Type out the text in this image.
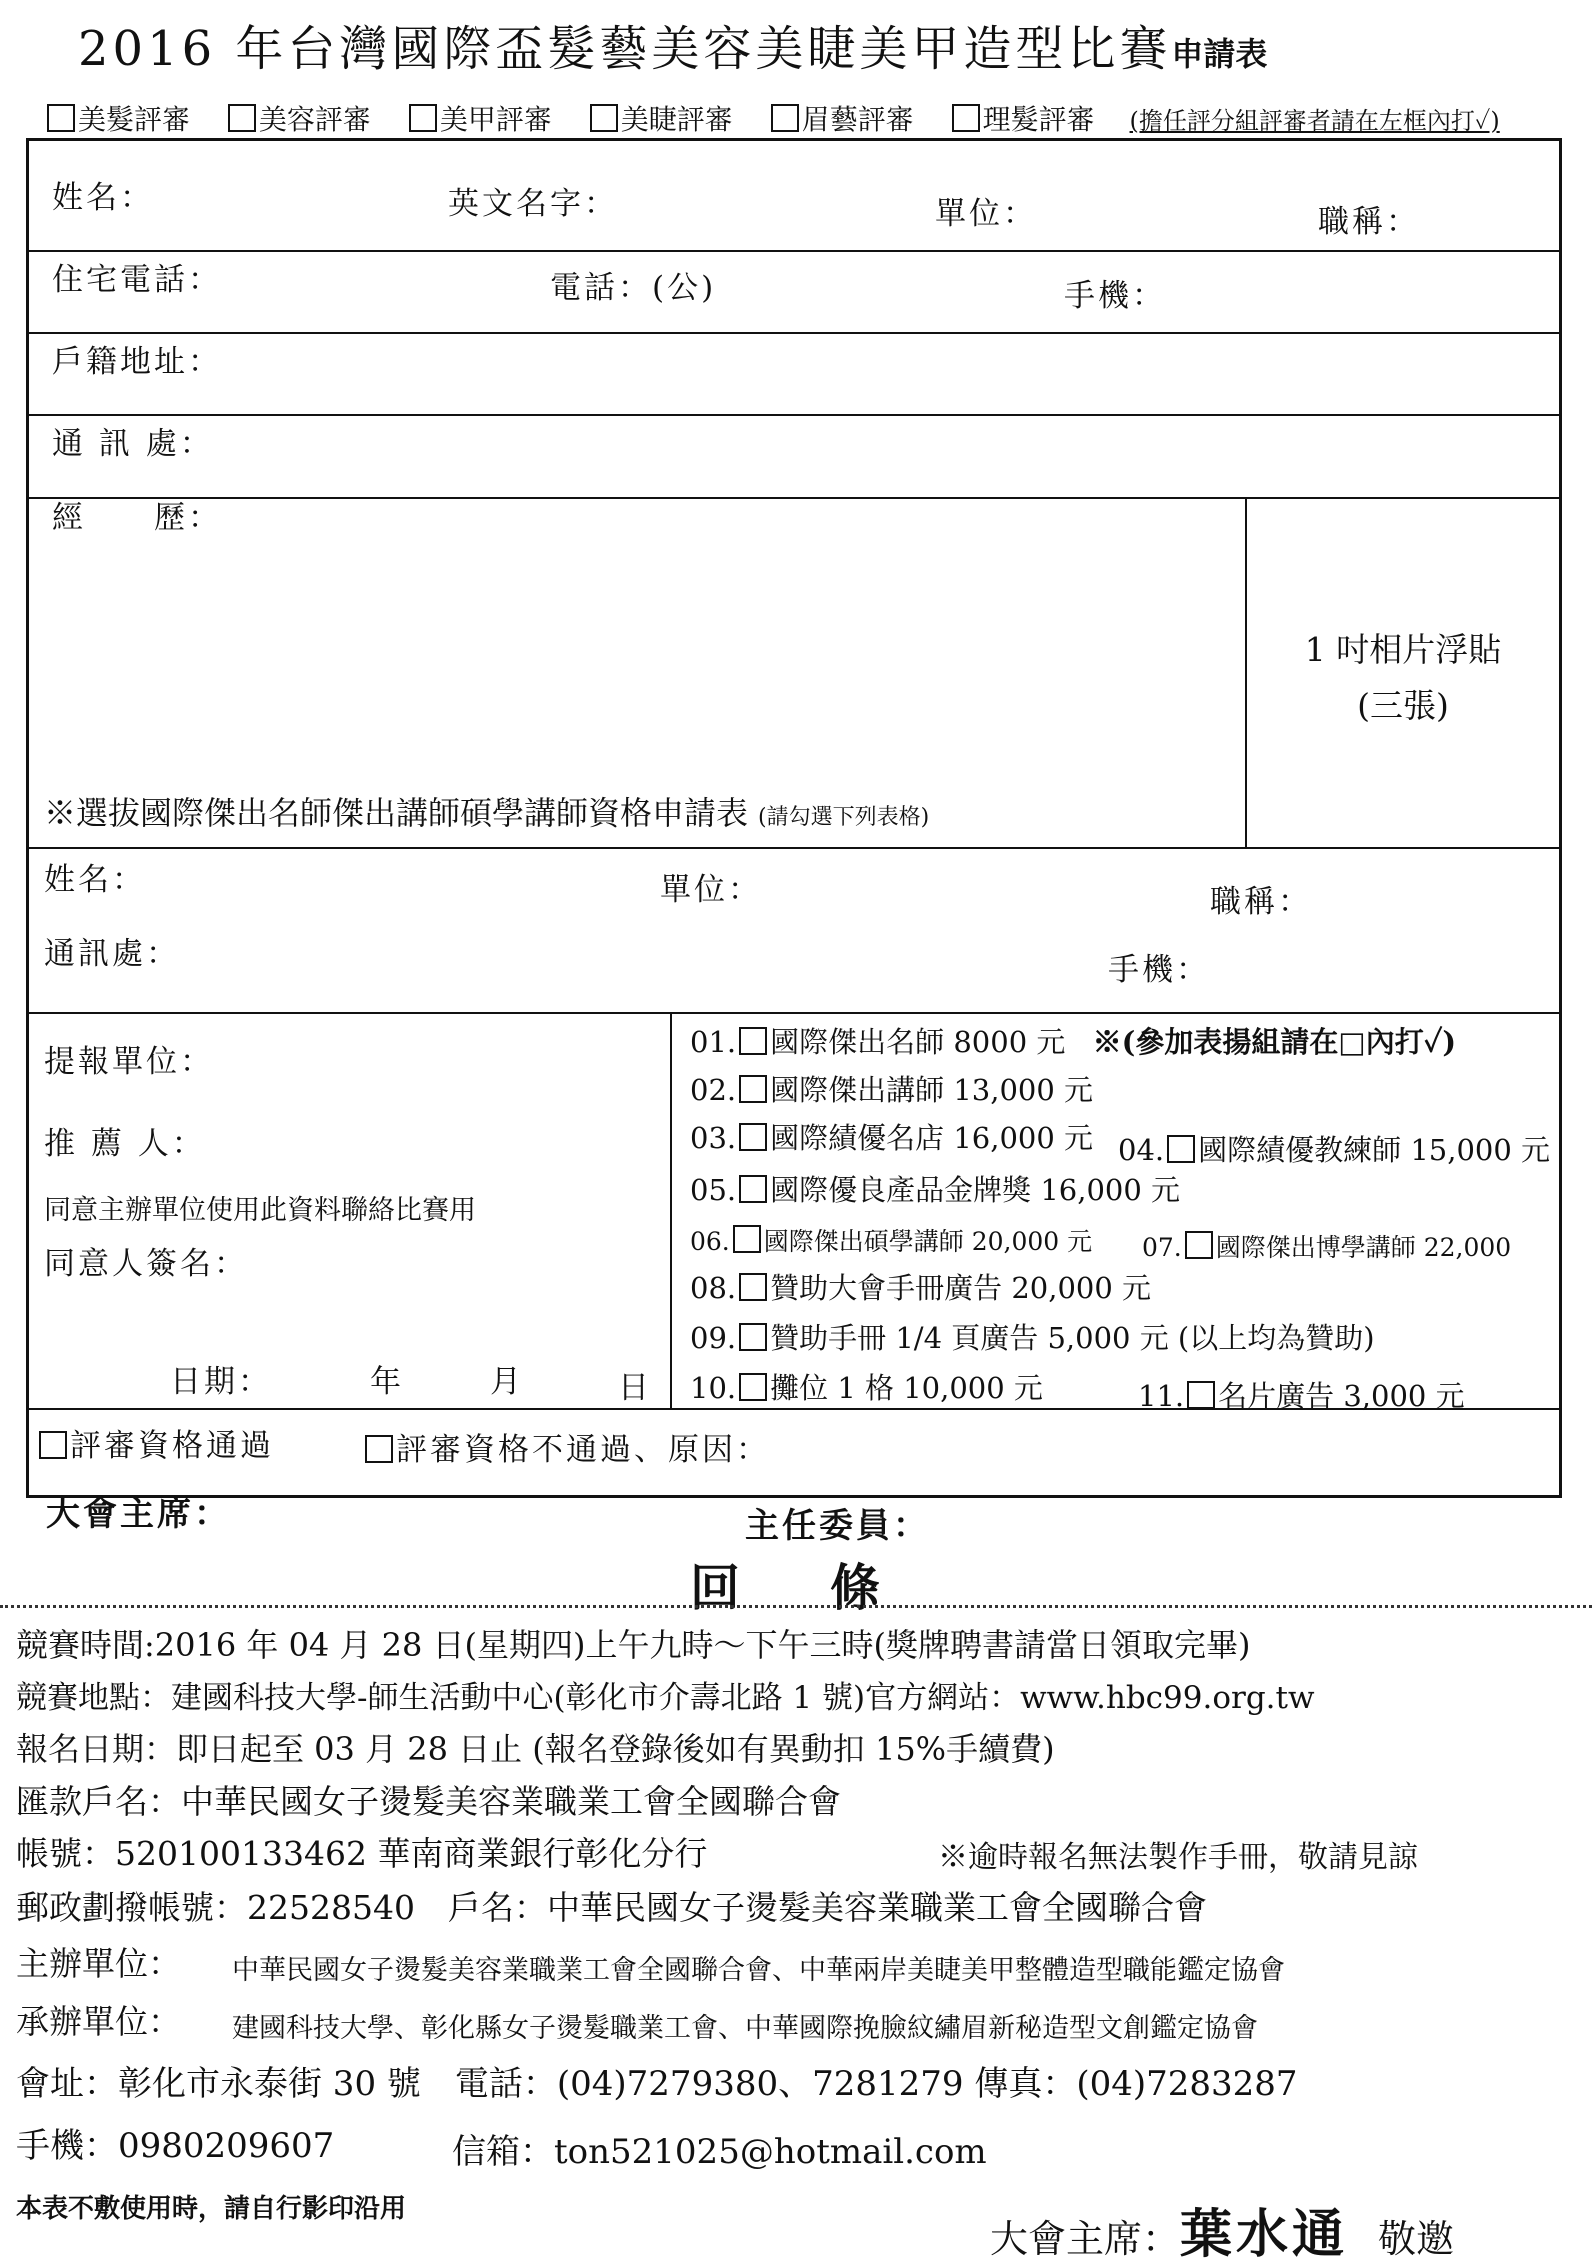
2016 年台灣國際盃髮藝美容美睫美甲造型比賽申請表
美髮評審 美容評審 美甲評審 美睫評審 眉藝評審 理髮評審 (擔任評分組評審者請在左框內打✓)
姓名：	英文名字：	單位：	職稱：
住宅電話：	電話：(公)	手機：
戶籍地址：
通 訊 處：
經　　歷：
1 吋相片浮貼
(三張)
※選拔國際傑出名師傑出講師碩學講師資格申請表 (請勾選下列表格)
姓名：	單位：	職稱：
通訊處：	手機：
提報單位：
推 薦 人：
同意主辦單位使用此資料聯絡比賽用
同意人簽名：
日期：	年	月	日
01. 國際傑出名師 8000 元 ※(參加表揚組請在□內打✓)
02. 國際傑出講師 13,000 元
03. 國際績優名店 16,000 元 04. 國際績優教練師 15,000 元
05. 國際優良產品金牌獎 16,000 元
06. 國際傑出碩學講師 20,000 元 07. 國際傑出博學講師 22,000
08. 贊助大會手冊廣告 20,000 元
09. 贊助手冊 1/4 頁廣告 5,000 元 (以上均為贊助)
10. 攤位 1 格 10,000 元	11. 名片廣告 3,000 元
評審資格通過	評審資格不通過、原因：
大會主席：	主任委員：
回 條
競賽時間:2016 年 04 月 28 日(星期四)上午九時～下午三時(獎牌聘書請當日領取完畢)
競賽地點：建國科技大學-師生活動中心(彰化市介壽北路 1 號)官方網站：www.hbc99.org.tw
報名日期：即日起至 03 月 28 日止 (報名登錄後如有異動扣 15%手續費)
匯款戶名：中華民國女子燙髮美容業職業工會全國聯合會
帳號：520100133462 華南商業銀行彰化分行	※逾時報名無法製作手冊，敬請見諒
郵政劃撥帳號：22528540　戶名：中華民國女子燙髮美容業職業工會全國聯合會
主辦單位： 中華民國女子燙髮美容業職業工會全國聯合會、中華兩岸美睫美甲整體造型職能鑑定協會
承辦單位： 建國科技大學、彰化縣女子燙髮職業工會、中華國際挽臉紋繡眉新秘造型文創鑑定協會
會址：彰化市永泰街 30 號　電話：(04)7279380、7281279 傳真：(04)7283287
手機：0980209607	信箱：ton521025@hotmail.com
本表不敷使用時，請自行影印沿用
大會主席：葉水通 敬邀
